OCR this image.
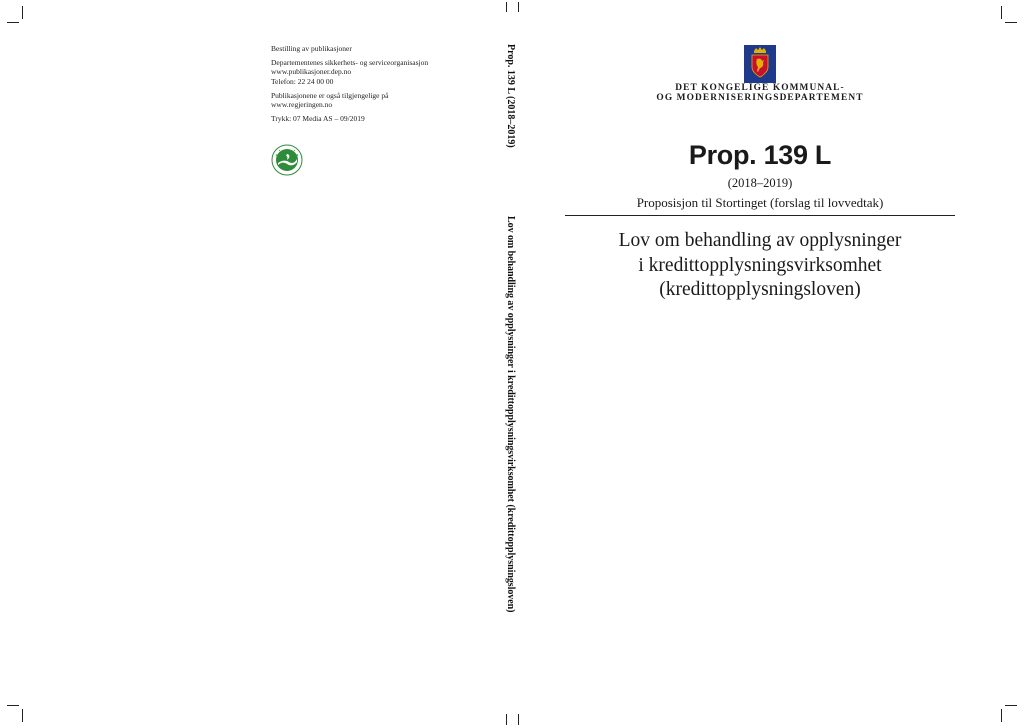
Bestilling av publikasjoner
Departementenes sikkerhets- og serviceorganisasjon
www.publikasjoner.dep.no
Telefon: 22 24 00 00
Publikasjonene er også tilgjengelige på
www.regjeringen.no
Trykk: 07 Media AS – 09/2019	Prop. 139 L (2018–2019)
Lov om behandling av opplysninger i kredittopplysningsvirksomhet (kredittopplysningsloven)
DET KONGELIGE KOMMUNAL-
OG MODERNISERINGSDEPARTEMENT
Prop. 139 L
(2018–2019)
Proposisjon til Stortinget (forslag til lovvedtak)
Lov om behandling av opplysninger
i kredittopplysningsvirksomhet
(kredittopplysningsloven)
